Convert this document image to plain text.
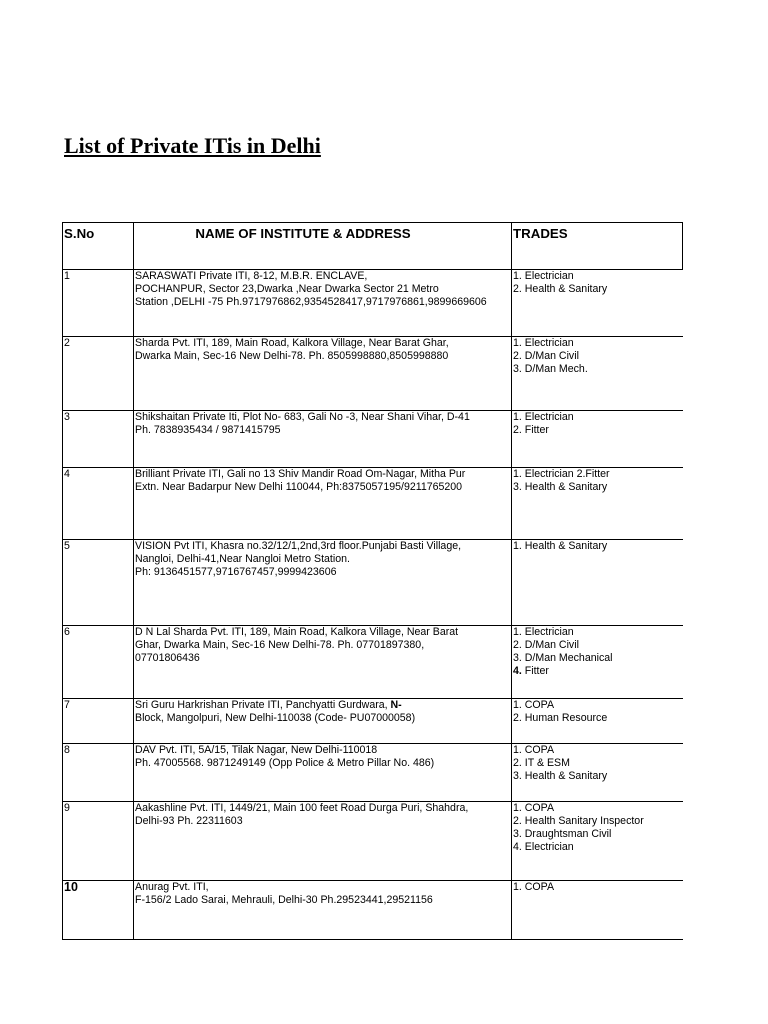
List of Private ITis in Delhi
S.No	NAME OF INSTITUTE & ADDRESS	TRADES
1	SARASWATI Private ITI, 8-12, M.B.R. ENCLAVE,
POCHANPUR, Sector 23,Dwarka ,Near Dwarka Sector 21 Metro
Station ,DELHI -75 Ph.9717976862,9354528417,9717976861,9899669606	1. Electrician
2. Health & Sanitary

2	Sharda Pvt. ITI, 189, Main Road, Kalkora Village, Near Barat Ghar,
Dwarka Main, Sec-16 New Delhi-78. Ph. 8505998880,8505998880	1. Electrician
2. D/Man Civil
3. D/Man Mech.

3	Shikshaitan Private Iti, Plot No- 683, Gali No -3, Near Shani Vihar, D-41
Ph. 7838935434 / 9871415795	1. Electrician
2. Fitter

4	Brilliant Private ITI, Gali no 13 Shiv Mandir Road Om-Nagar, Mitha Pur
Extn. Near Badarpur New Delhi 110044, Ph:8375057195/9211765200	1. Electrician 2.Fitter
3. Health & Sanitary

5	VISION Pvt ITI, Khasra no.32/12/1,2nd,3rd floor.Punjabi Basti Village,
Nangloi, Delhi-41,Near Nangloi Metro Station.
Ph: 9136451577,9716767457,9999423606	1. Health & Sanitary

6	D N Lal Sharda Pvt. ITI, 189, Main Road, Kalkora Village, Near Barat
Ghar, Dwarka Main, Sec-16 New Delhi-78. Ph. 07701897380,
07701806436	1. Electrician
2. D/Man Civil
3. D/Man Mechanical
4. Fitter

7	Sri Guru Harkrishan Private ITI, Panchyatti Gurdwara, N-
Block, Mangolpuri, New Delhi-110038 (Code- PU07000058)	1. COPA
2. Human Resource

8	DAV Pvt. ITI, 5A/15, Tilak Nagar, New Delhi-110018
Ph. 47005568. 9871249149 (Opp Police & Metro Pillar No. 486)	1. COPA
2. IT & ESM
3. Health & Sanitary

9	Aakashline Pvt. ITI, 1449/21, Main 100 feet Road Durga Puri, Shahdra,
Delhi-93 Ph. 22311603	1. COPA
2. Health Sanitary Inspector
3. Draughtsman Civil
4. Electrician

10	Anurag Pvt. ITI,
F-156/2 Lado Sarai, Mehrauli, Delhi-30 Ph.29523441,29521156	1. COPA
